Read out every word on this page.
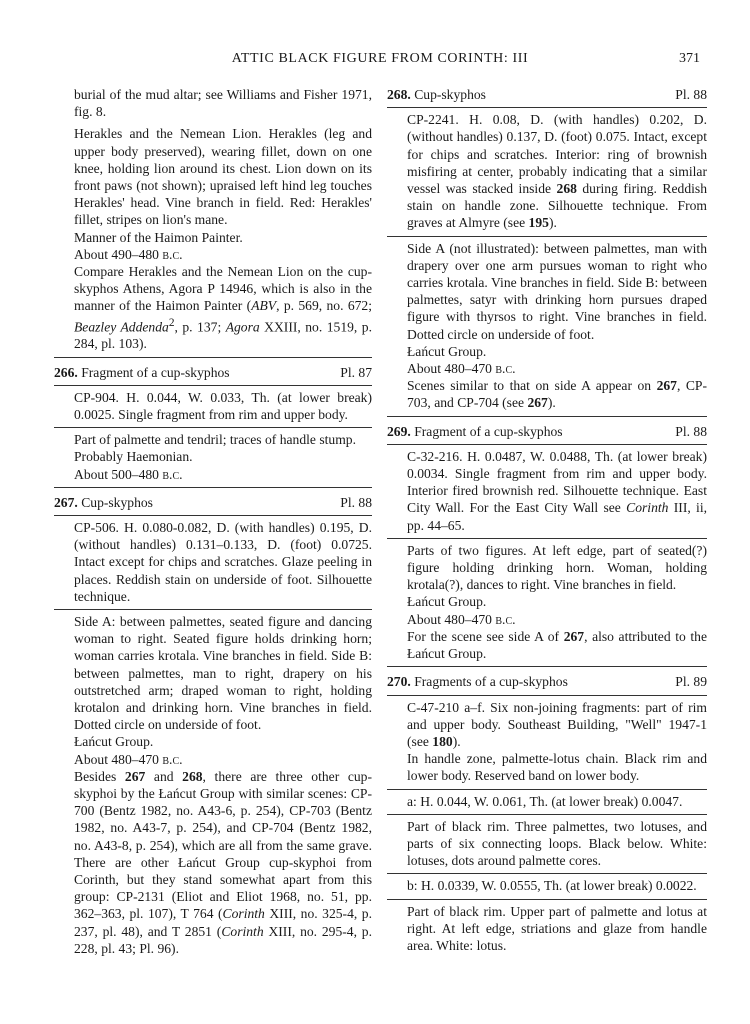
ATTIC BLACK FIGURE FROM CORINTH: III	371

burial of the mud altar; see Williams and Fisher 1971, fig. 8.

Herakles and the Nemean Lion. Herakles (leg and upper body preserved), wearing fillet, down on one knee, holding lion around its chest. Lion down on its front paws (not shown); upraised left hind leg touches Herakles' head. Vine branch in field. Red: Herakles' fillet, stripes on lion's mane.

Manner of the Haimon Painter.

About 490–480 b.c.

Compare Herakles and the Nemean Lion on the cup-skyphos Athens, Agora P 14946, which is also in the manner of the Haimon Painter (ABV, p. 569, no. 672; Beazley Addenda$^2$, p. 137; Agora XXIII, no. 1519, p. 284, pl. 103).

266. Fragment of a cup-skyphos	Pl. 87

CP-904. H. 0.044, W. 0.033, Th. (at lower break) 0.0025. Single fragment from rim and upper body.

Part of palmette and tendril; traces of handle stump.

Probably Haemonian.

About 500–480 b.c.

267. Cup-skyphos	Pl. 88

CP-506. H. 0.080-0.082, D. (with handles) 0.195, D. (without handles) 0.131–0.133, D. (foot) 0.0725. Intact except for chips and scratches. Glaze peeling in places. Reddish stain on underside of foot. Silhouette technique.

Side A: between palmettes, seated figure and dancing woman to right. Seated figure holds drinking horn; woman carries krotala. Vine branches in field. Side B: between palmettes, man to right, drapery on his outstretched arm; draped woman to right, holding krotalon and drinking horn. Vine branches in field. Dotted circle on underside of foot.

Łańcut Group.

About 480–470 b.c.

Besides 267 and 268, there are three other cup-skyphoi by the Łańcut Group with similar scenes: CP-700 (Bentz 1982, no. A43-6, p. 254), CP-703 (Bentz 1982, no. A43-7, p. 254), and CP-704 (Bentz 1982, no. A43-8, p. 254), which are all from the same grave. There are other Łańcut Group cup-skyphoi from Corinth, but they stand somewhat apart from this group: CP-2131 (Eliot and Eliot 1968, no. 51, pp. 362–363, pl. 107), T 764 (Corinth XIII, no. 325-4, p. 237, pl. 48), and T 2851 (Corinth XIII, no. 295-4, p. 228, pl. 43; Pl. 96).

268. Cup-skyphos	Pl. 88

CP-2241. H. 0.08, D. (with handles) 0.202, D. (without handles) 0.137, D. (foot) 0.075. Intact, except for chips and scratches. Interior: ring of brownish misfiring at center, probably indicating that a similar vessel was stacked inside 268 during firing. Reddish stain on handle zone. Silhouette technique. From graves at Almyre (see 195).

Side A (not illustrated): between palmettes, man with drapery over one arm pursues woman to right who carries krotala. Vine branches in field. Side B: between palmettes, satyr with drinking horn pursues draped figure with thyrsos to right. Vine branches in field. Dotted circle on underside of foot.

Łańcut Group.

About 480–470 b.c.

Scenes similar to that on side A appear on 267, CP-703, and CP-704 (see 267).

269. Fragment of a cup-skyphos	Pl. 88

C-32-216. H. 0.0487, W. 0.0488, Th. (at lower break) 0.0034. Single fragment from rim and upper body. Interior fired brownish red. Silhouette technique. East City Wall. For the East City Wall see Corinth III, ii, pp. 44–65.

Parts of two figures. At left edge, part of seated(?) figure holding drinking horn. Woman, holding krotala(?), dances to right. Vine branches in field.

Łańcut Group.

About 480–470 b.c.

For the scene see side A of 267, also attributed to the Łańcut Group.

270. Fragments of a cup-skyphos	Pl. 89

C-47-210 a–f. Six non-joining fragments: part of rim and upper body. Southeast Building, "Well" 1947-1 (see 180).

In handle zone, palmette-lotus chain. Black rim and lower body. Reserved band on lower body.

a: H. 0.044, W. 0.061, Th. (at lower break) 0.0047.

Part of black rim. Three palmettes, two lotuses, and parts of six connecting loops. Black below. White: lotuses, dots around palmette cores.

b: H. 0.0339, W. 0.0555, Th. (at lower break) 0.0022.

Part of black rim. Upper part of palmette and lotus at right. At left edge, striations and glaze from handle area. White: lotus.
